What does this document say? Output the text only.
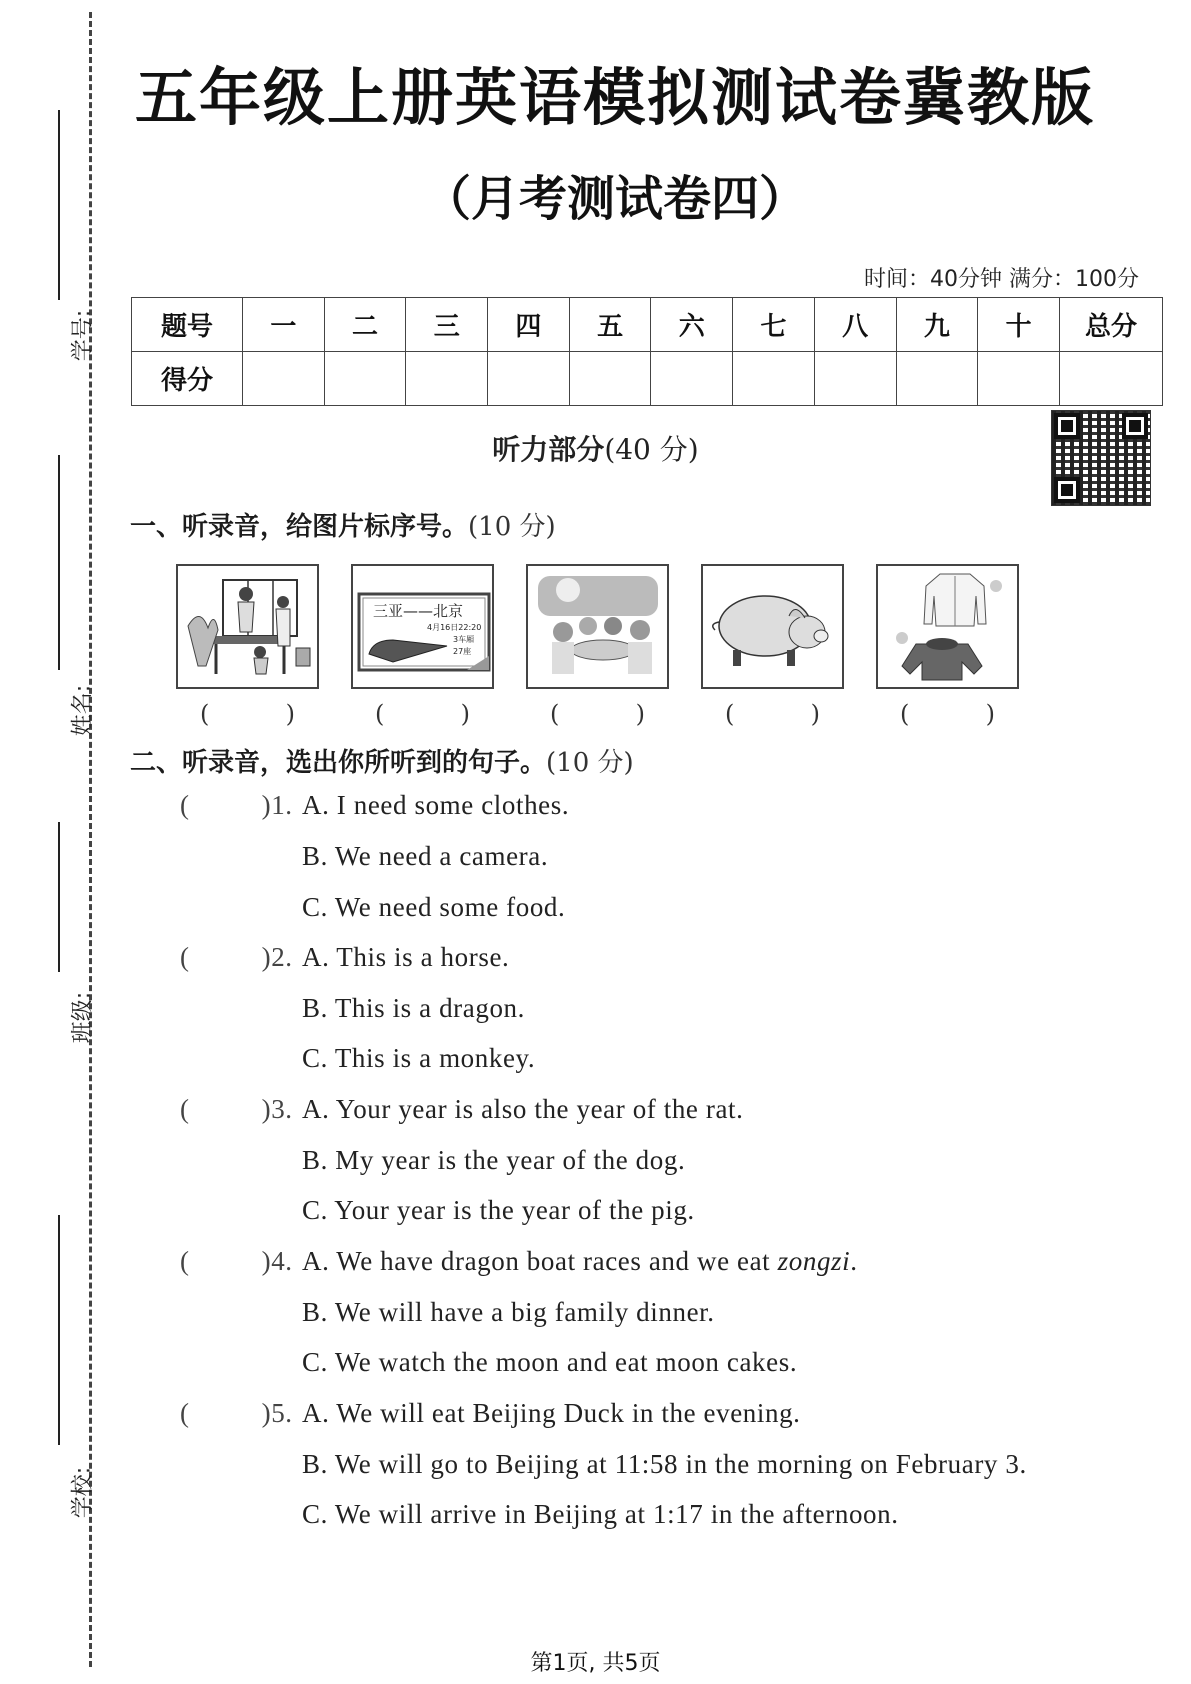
学号:
姓名:
班级:
学校:
五年级上册英语模拟测试卷冀教版
（月考测试卷四）
时间：40分钟 满分：100分
题号	一	二	三	四	五	六	七	八	九	十	总分
得分											
听力部分(40 分)
一、听录音，给图片标序号。(10 分)
三亚——北京
4月16日22:20
3车厢
27座
(	)	(	)	(	)	(	)	(	)
二、听录音，选出你所听到的句子。(10 分)
(	)1. A. I need some clothes.
B. We need a camera.
C. We need some food.
(	)2. A. This is a horse.
B. This is a dragon.
C. This is a monkey.
(	)3. A. Your year is also the year of the rat.
B. My year is the year of the dog.
C. Your year is the year of the pig.
(	)4. A. We have dragon boat races and we eat zongzi.
B. We will have a big family dinner.
C. We watch the moon and eat moon cakes.
(	)5. A. We will eat Beijing Duck in the evening.
B. We will go to Beijing at 11:58 in the morning on February 3.
C. We will arrive in Beijing at 1:17 in the afternoon.
第1页, 共5页
